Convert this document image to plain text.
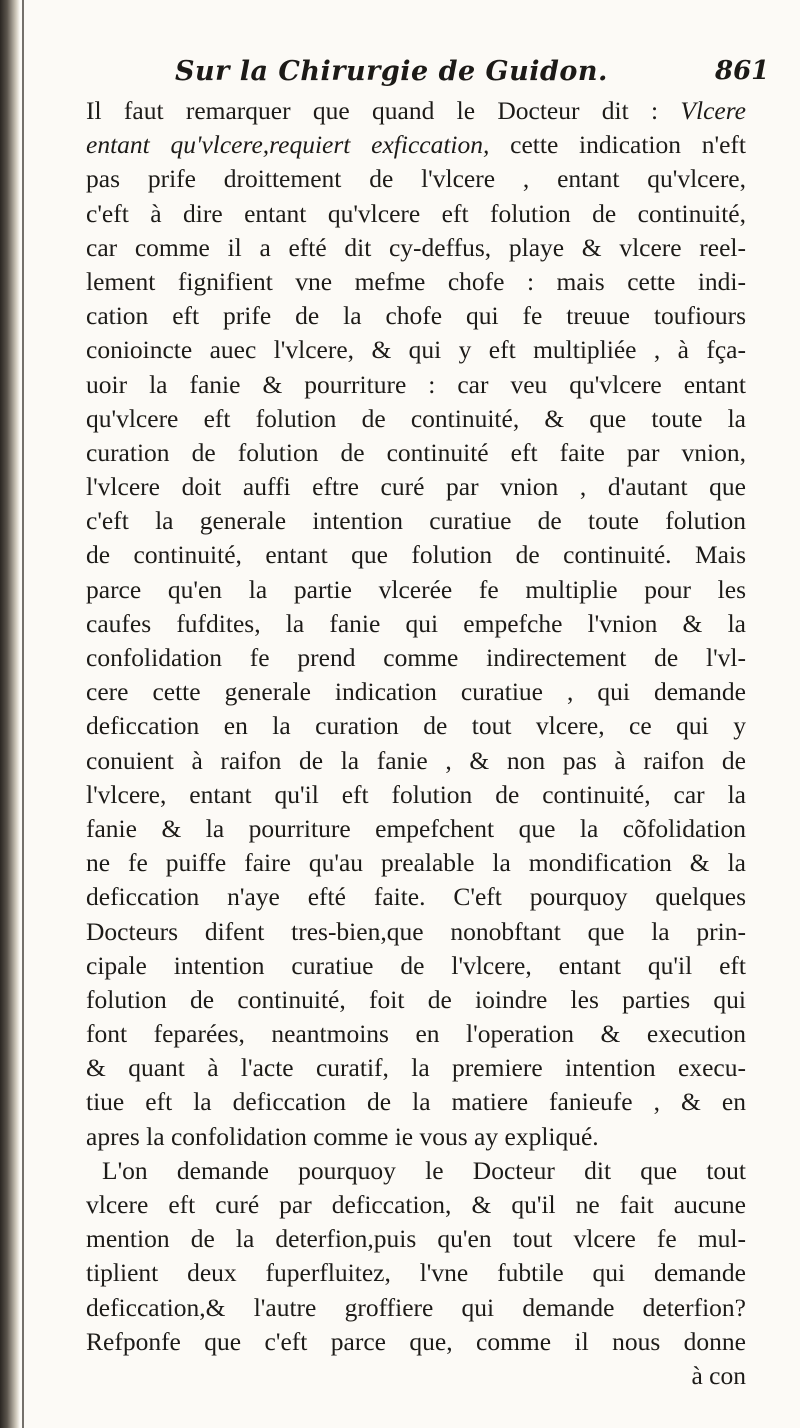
Sur la Chirurgie de Guidon.	861
Il faut remarquer que quand le Docteur dit : Vlcere
entant qu'vlcere,requiert exficcation, cette indication n'eft
pas prife droittement de l'vlcere , entant qu'vlcere,
c'eft à dire entant qu'vlcere eft folution de continuité,
car comme il a efté dit cy-deffus, playe & vlcere reel-
lement fignifient vne mefme chofe : mais cette indi-
cation eft prife de la chofe qui fe treuue toufiours
conioincte auec l'vlcere, & qui y eft multipliée , à fça-
uoir la fanie & pourriture : car veu qu'vlcere entant
qu'vlcere eft folution de continuité, & que toute la
curation de folution de continuité eft faite par vnion,
l'vlcere doit auffi eftre curé par vnion , d'autant que
c'eft la generale intention curatiue de toute folution
de continuité, entant que folution de continuité. Mais
parce qu'en la partie vlcerée fe multiplie pour les
caufes fufdites, la fanie qui empefche l'vnion & la
confolidation fe prend comme indirectement de l'vl-
cere cette generale indication curatiue , qui demande
deficcation en la curation de tout vlcere, ce qui y
conuient à raifon de la fanie , & non pas à raifon de
l'vlcere, entant qu'il eft folution de continuité, car la
fanie & la pourriture empefchent que la cõfolidation
ne fe puiffe faire qu'au prealable la mondification & la
deficcation n'aye efté faite. C'eft pourquoy quelques
Docteurs difent tres-bien,que nonobftant que la prin-
cipale intention curatiue de l'vlcere, entant qu'il eft
folution de continuité, foit de ioindre les parties qui
font feparées, neantmoins en l'operation & execution
& quant à l'acte curatif, la premiere intention execu-
tiue eft la deficcation de la matiere fanieufe , & en
apres la confolidation comme ie vous ay expliqué.
L'on demande pourquoy le Docteur dit que tout
vlcere eft curé par deficcation, & qu'il ne fait aucune
mention de la deterfion,puis qu'en tout vlcere fe mul-
tiplient deux fuperfluitez, l'vne fubtile qui demande
deficcation,& l'autre groffiere qui demande deterfion?
Refponfe que c'eft parce que, comme il nous donne
à con
